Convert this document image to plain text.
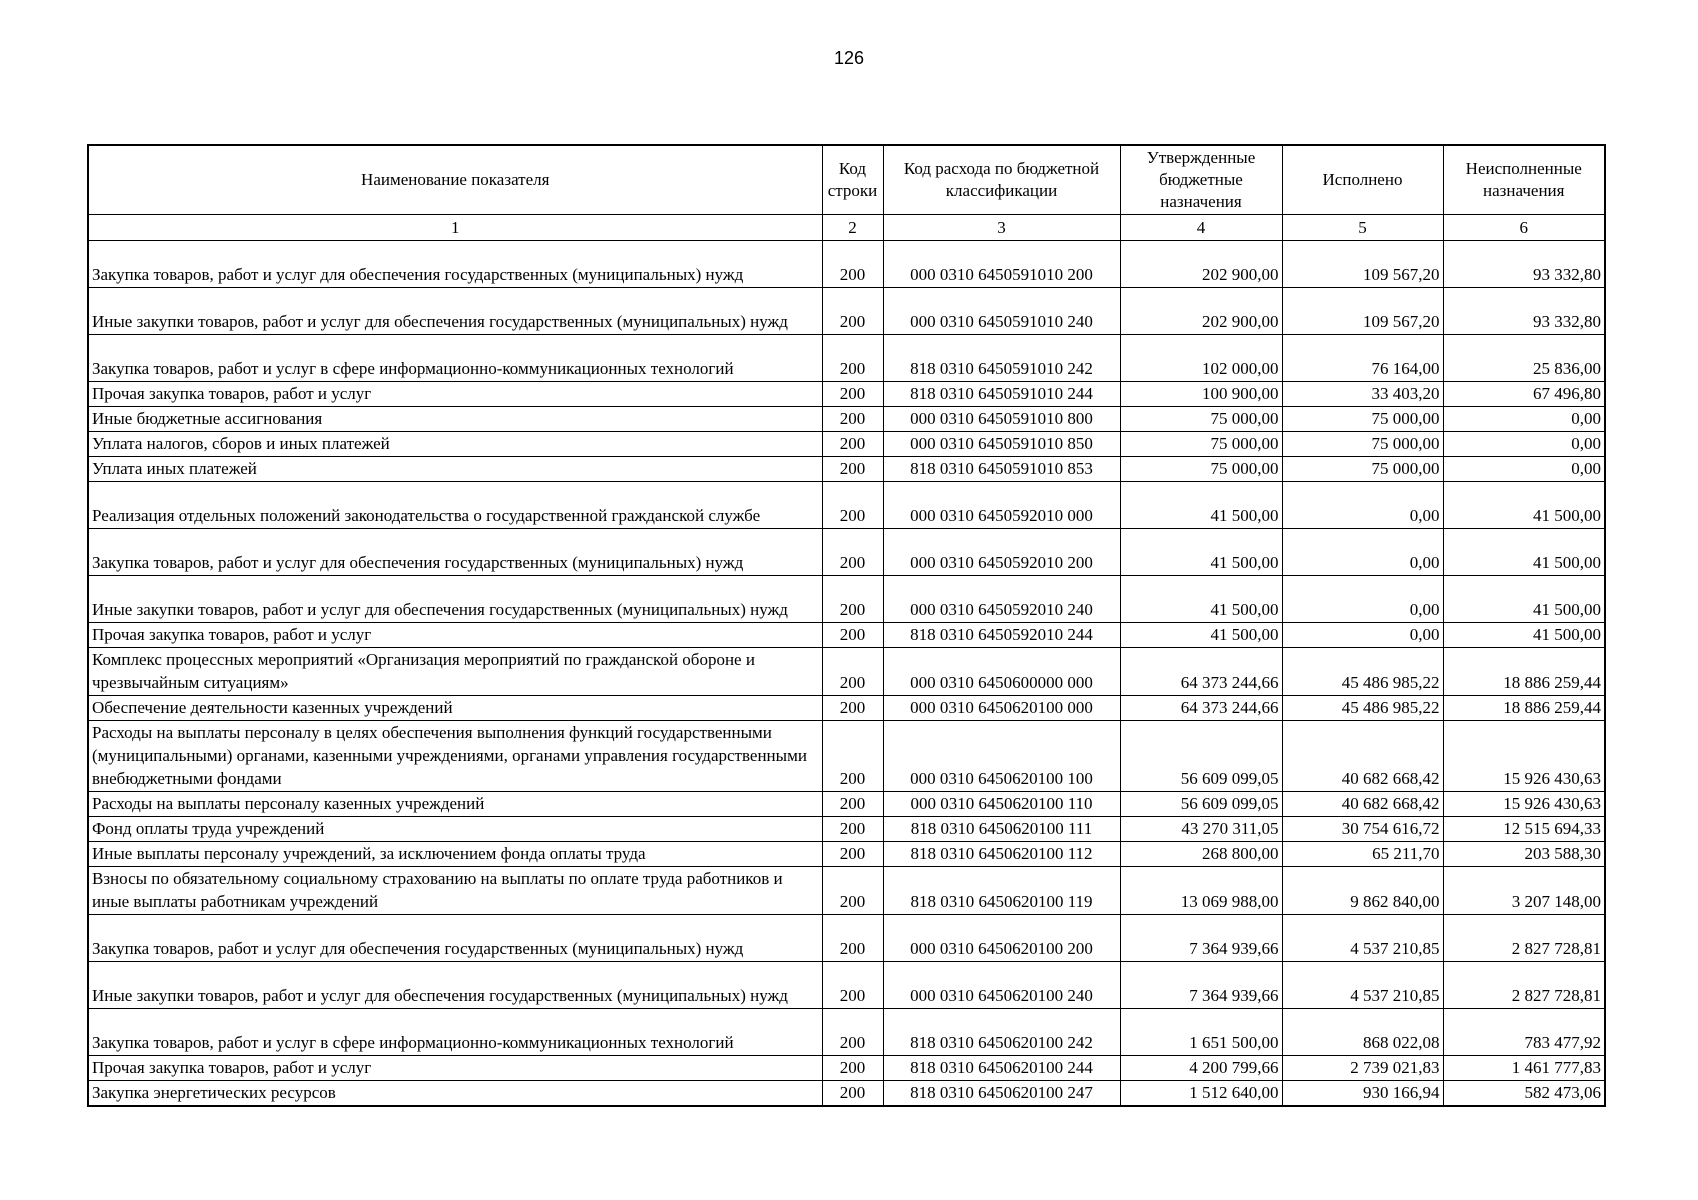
126
Наименование показателя	Код строки	Код расхода по бюджетной классификации	Утвержденные бюджетные назначения	Исполнено	Неисполненные назначения
1	2	3	4	5	6
Закупка товаров, работ и услуг для обеспечения государственных (муниципальных) нужд	200	000 0310 6450591010 200	202 900,00	109 567,20	93 332,80
Иные закупки товаров, работ и услуг для обеспечения государственных (муниципальных) нужд	200	000 0310 6450591010 240	202 900,00	109 567,20	93 332,80
Закупка товаров, работ и услуг в сфере информационно-коммуникационных технологий	200	818 0310 6450591010 242	102 000,00	76 164,00	25 836,00
Прочая закупка товаров, работ и услуг	200	818 0310 6450591010 244	100 900,00	33 403,20	67 496,80
Иные бюджетные ассигнования	200	000 0310 6450591010 800	75 000,00	75 000,00	0,00
Уплата налогов, сборов и иных платежей	200	000 0310 6450591010 850	75 000,00	75 000,00	0,00
Уплата иных платежей	200	818 0310 6450591010 853	75 000,00	75 000,00	0,00
Реализация отдельных положений законодательства о государственной гражданской службе	200	000 0310 6450592010 000	41 500,00	0,00	41 500,00
Закупка товаров, работ и услуг для обеспечения государственных (муниципальных) нужд	200	000 0310 6450592010 200	41 500,00	0,00	41 500,00
Иные закупки товаров, работ и услуг для обеспечения государственных (муниципальных) нужд	200	000 0310 6450592010 240	41 500,00	0,00	41 500,00
Прочая закупка товаров, работ и услуг	200	818 0310 6450592010 244	41 500,00	0,00	41 500,00
Комплекс процессных мероприятий «Организация мероприятий по гражданской обороне и чрезвычайным ситуациям»	200	000 0310 6450600000 000	64 373 244,66	45 486 985,22	18 886 259,44
Обеспечение деятельности казенных учреждений	200	000 0310 6450620100 000	64 373 244,66	45 486 985,22	18 886 259,44
Расходы на выплаты персоналу в целях обеспечения выполнения функций государственными (муниципальными) органами, казенными учреждениями, органами управления государственными внебюджетными фондами	200	000 0310 6450620100 100	56 609 099,05	40 682 668,42	15 926 430,63
Расходы на выплаты персоналу казенных учреждений	200	000 0310 6450620100 110	56 609 099,05	40 682 668,42	15 926 430,63
Фонд оплаты труда учреждений	200	818 0310 6450620100 111	43 270 311,05	30 754 616,72	12 515 694,33
Иные выплаты персоналу учреждений, за исключением фонда оплаты труда	200	818 0310 6450620100 112	268 800,00	65 211,70	203 588,30
Взносы по обязательному социальному страхованию на выплаты по оплате труда работников и иные выплаты работникам учреждений	200	818 0310 6450620100 119	13 069 988,00	9 862 840,00	3 207 148,00
Закупка товаров, работ и услуг для обеспечения государственных (муниципальных) нужд	200	000 0310 6450620100 200	7 364 939,66	4 537 210,85	2 827 728,81
Иные закупки товаров, работ и услуг для обеспечения государственных (муниципальных) нужд	200	000 0310 6450620100 240	7 364 939,66	4 537 210,85	2 827 728,81
Закупка товаров, работ и услуг в сфере информационно-коммуникационных технологий	200	818 0310 6450620100 242	1 651 500,00	868 022,08	783 477,92
Прочая закупка товаров, работ и услуг	200	818 0310 6450620100 244	4 200 799,66	2 739 021,83	1 461 777,83
Закупка энергетических ресурсов	200	818 0310 6450620100 247	1 512 640,00	930 166,94	582 473,06
